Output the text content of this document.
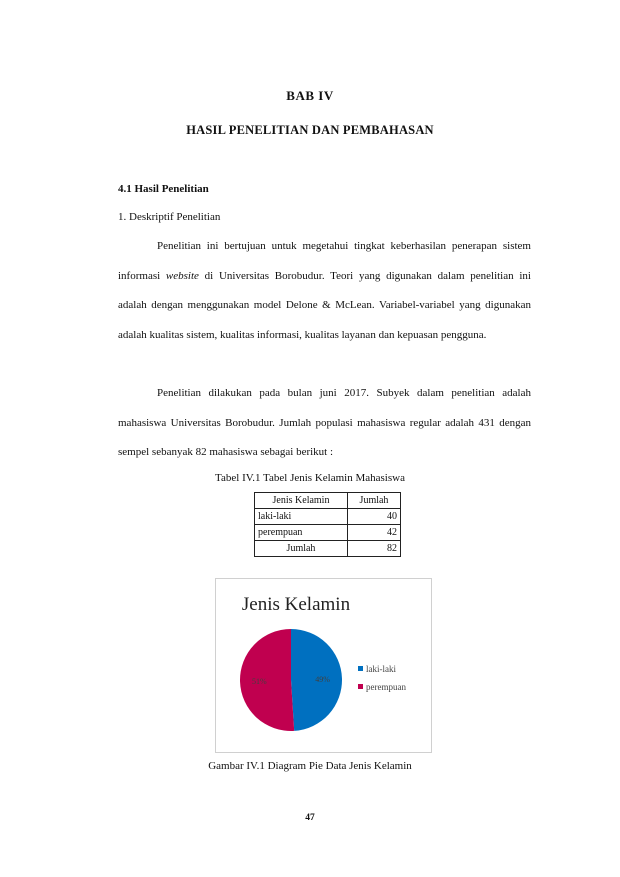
BAB IV
HASIL PENELITIAN DAN PEMBAHASAN
4.1 Hasil Penelitian
1. Deskriptif Penelitian
Penelitian ini bertujuan untuk megetahui tingkat keberhasilan penerapan sistem informasi website di Universitas Borobudur. Teori yang digunakan dalam penelitian ini adalah dengan menggunakan model Delone & McLean. Variabel-variabel yang digunakan adalah kualitas sistem, kualitas informasi, kualitas layanan dan kepuasan pengguna.
Penelitian dilakukan pada bulan juni 2017. Subyek dalam penelitian adalah mahasiswa Universitas Borobudur. Jumlah populasi mahasiswa regular adalah 431 dengan sempel sebanyak 82 mahasiswa sebagai berikut :
Tabel IV.1 Tabel Jenis Kelamin Mahasiswa
Jenis Kelamin	Jumlah
laki-laki	40
perempuan	42
Jumlah	82
Jenis Kelamin
49%
51%
laki-laki
perempuan
Gambar IV.1 Diagram Pie Data Jenis Kelamin
47
